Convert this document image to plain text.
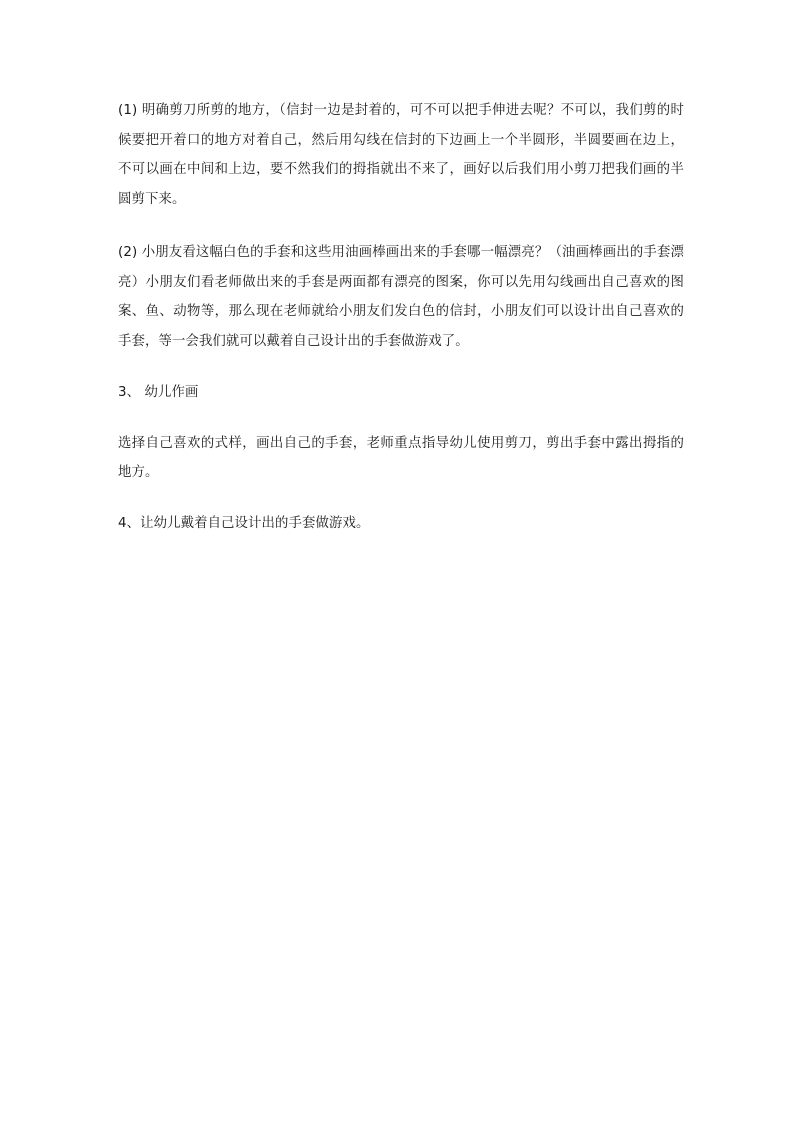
(1) 明确剪刀所剪的地方，（信封一边是封着的，可不可以把手伸进去呢？不可以，我们剪的时候要把开着口的地方对着自己，然后用勾线在信封的下边画上一个半圆形，半圆要画在边上，不可以画在中间和上边，要不然我们的拇指就出不来了，画好以后我们用小剪刀把我们画的半圆剪下来。

(2) 小朋友看这幅白色的手套和这些用油画棒画出来的手套哪一幅漂亮？（油画棒画出的手套漂亮）小朋友们看老师做出来的手套是两面都有漂亮的图案，你可以先用勾线画出自己喜欢的图案、鱼、动物等，那么现在老师就给小朋友们发白色的信封，小朋友们可以设计出自己喜欢的手套，等一会我们就可以戴着自己设计出的手套做游戏了。

3、 幼儿作画

选择自己喜欢的式样，画出自己的手套，老师重点指导幼儿使用剪刀，剪出手套中露出拇指的地方。

4、让幼儿戴着自己设计出的手套做游戏。
